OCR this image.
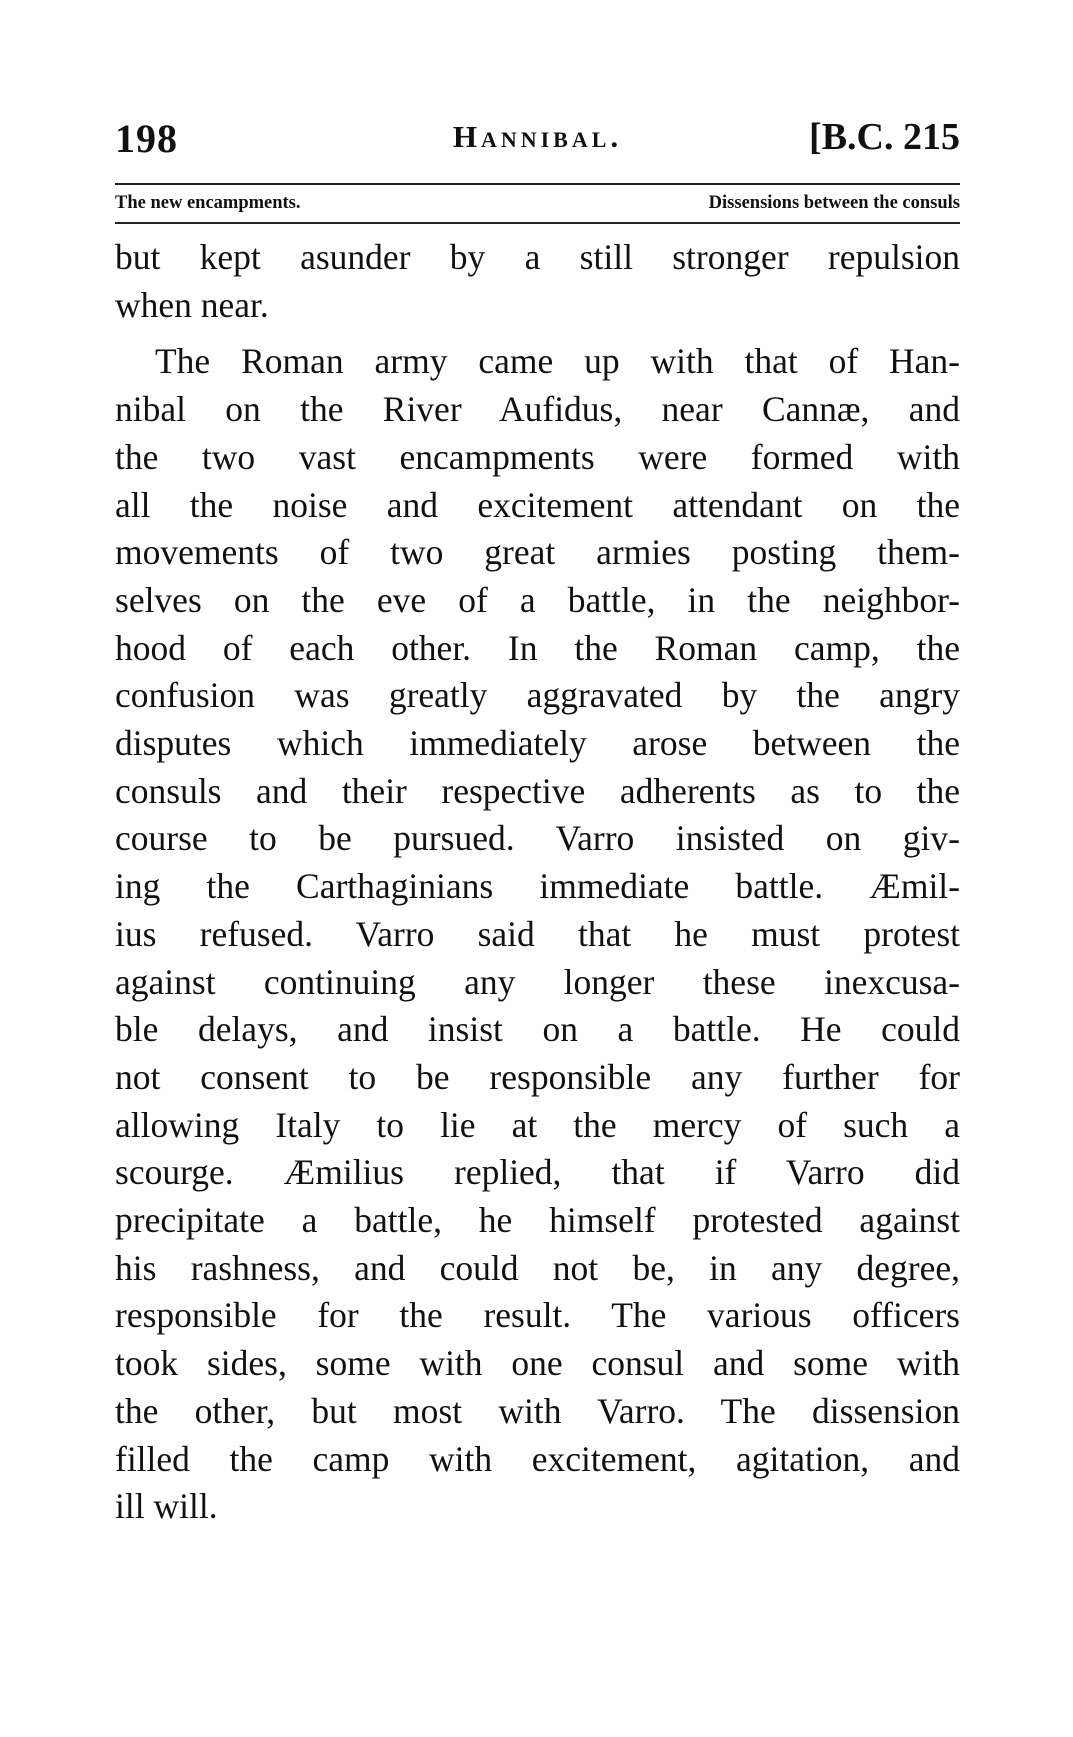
198	Hannibal.	[B.C. 215
The new encampments.	Dissensions between the consuls
but kept asunder by a still stronger repulsion
when near.
The Roman army came up with that of Han-
nibal on the River Aufidus, near Cannæ, and
the two vast encampments were formed with
all the noise and excitement attendant on the
movements of two great armies posting them-
selves on the eve of a battle, in the neighbor-
hood of each other. In the Roman camp, the
confusion was greatly aggravated by the angry
disputes which immediately arose between the
consuls and their respective adherents as to the
course to be pursued. Varro insisted on giv-
ing the Carthaginians immediate battle. Æmil-
ius refused. Varro said that he must protest
against continuing any longer these inexcusa-
ble delays, and insist on a battle. He could
not consent to be responsible any further for
allowing Italy to lie at the mercy of such a
scourge. Æmilius replied, that if Varro did
precipitate a battle, he himself protested against
his rashness, and could not be, in any degree,
responsible for the result. The various officers
took sides, some with one consul and some with
the other, but most with Varro. The dissension
filled the camp with excitement, agitation, and
ill will.
